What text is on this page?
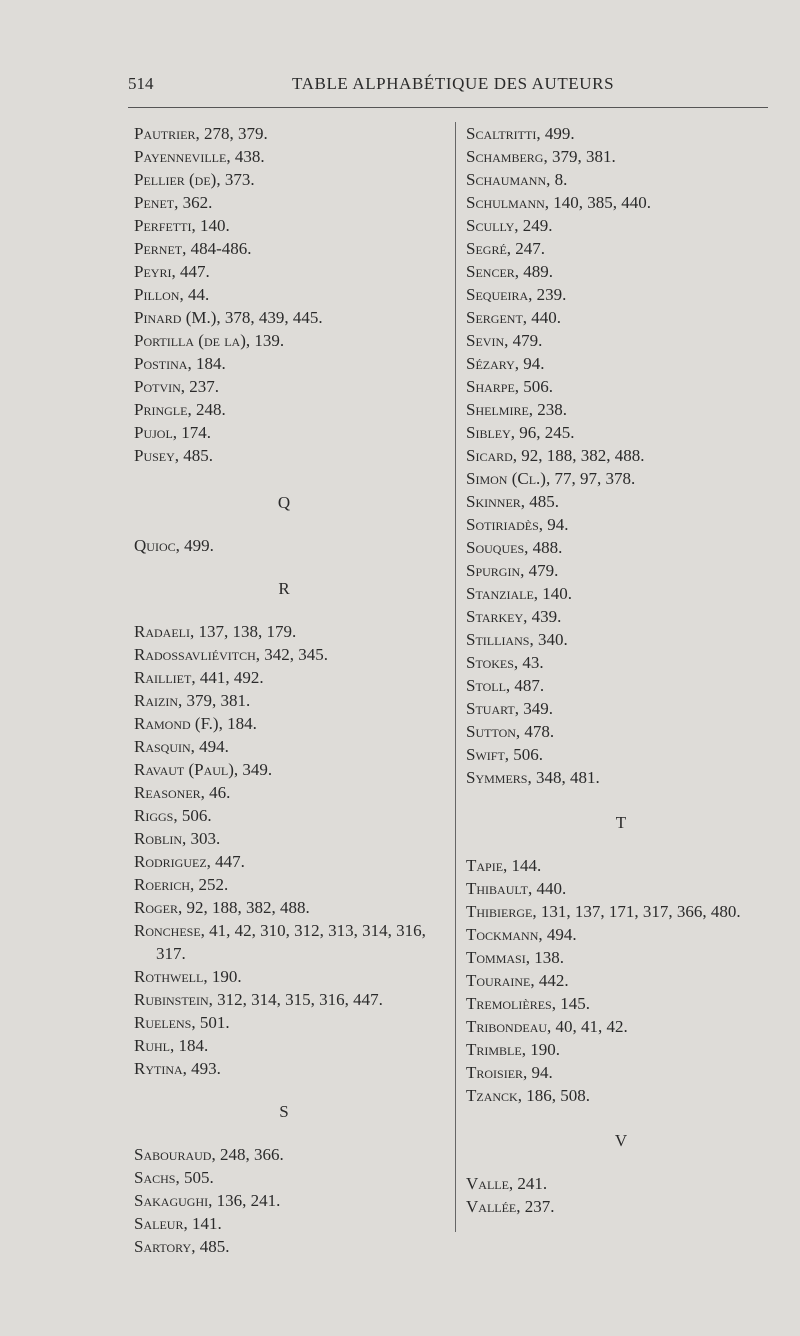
514	TABLE ALPHABÉTIQUE DES AUTEURS
Pautrier, 278, 379.
Payenneville, 438.
Pellier (de), 373.
Penet, 362.
Perfetti, 140.
Pernet, 484-486.
Peyri, 447.
Pillon, 44.
Pinard (M.), 378, 439, 445.
Portilla (de la), 139.
Postina, 184.
Potvin, 237.
Pringle, 248.
Pujol, 174.
Pusey, 485.
Q
Quioc, 499.
R
Radaeli, 137, 138, 179.
Radossavliévitch, 342, 345.
Railliet, 441, 492.
Raizin, 379, 381.
Ramond (F.), 184.
Rasquin, 494.
Ravaut (Paul), 349.
Reasoner, 46.
Riggs, 506.
Roblin, 303.
Rodriguez, 447.
Roerich, 252.
Roger, 92, 188, 382, 488.
Ronchese, 41, 42, 310, 312, 313, 314, 316, 317.
Rothwell, 190.
Rubinstein, 312, 314, 315, 316, 447.
Ruelens, 501.
Ruhl, 184.
Rytina, 493.
S
Sabouraud, 248, 366.
Sachs, 505.
Sakagughi, 136, 241.
Saleur, 141.
Sartory, 485.
Scaltritti, 499.
Schamberg, 379, 381.
Schaumann, 8.
Schulmann, 140, 385, 440.
Scully, 249.
Segré, 247.
Sencer, 489.
Sequeira, 239.
Sergent, 440.
Sevin, 479.
Sézary, 94.
Sharpe, 506.
Shelmire, 238.
Sibley, 96, 245.
Sicard, 92, 188, 382, 488.
Simon (Cl.), 77, 97, 378.
Skinner, 485.
Sotiriadès, 94.
Souques, 488.
Spurgin, 479.
Stanziale, 140.
Starkey, 439.
Stillians, 340.
Stokes, 43.
Stoll, 487.
Stuart, 349.
Sutton, 478.
Swift, 506.
Symmers, 348, 481.
T
Tapie, 144.
Thibault, 440.
Thibierge, 131, 137, 171, 317, 366, 480.
Tockmann, 494.
Tommasi, 138.
Touraine, 442.
Tremolières, 145.
Tribondeau, 40, 41, 42.
Trimble, 190.
Troisier, 94.
Tzanck, 186, 508.
V
Valle, 241.
Vallée, 237.
